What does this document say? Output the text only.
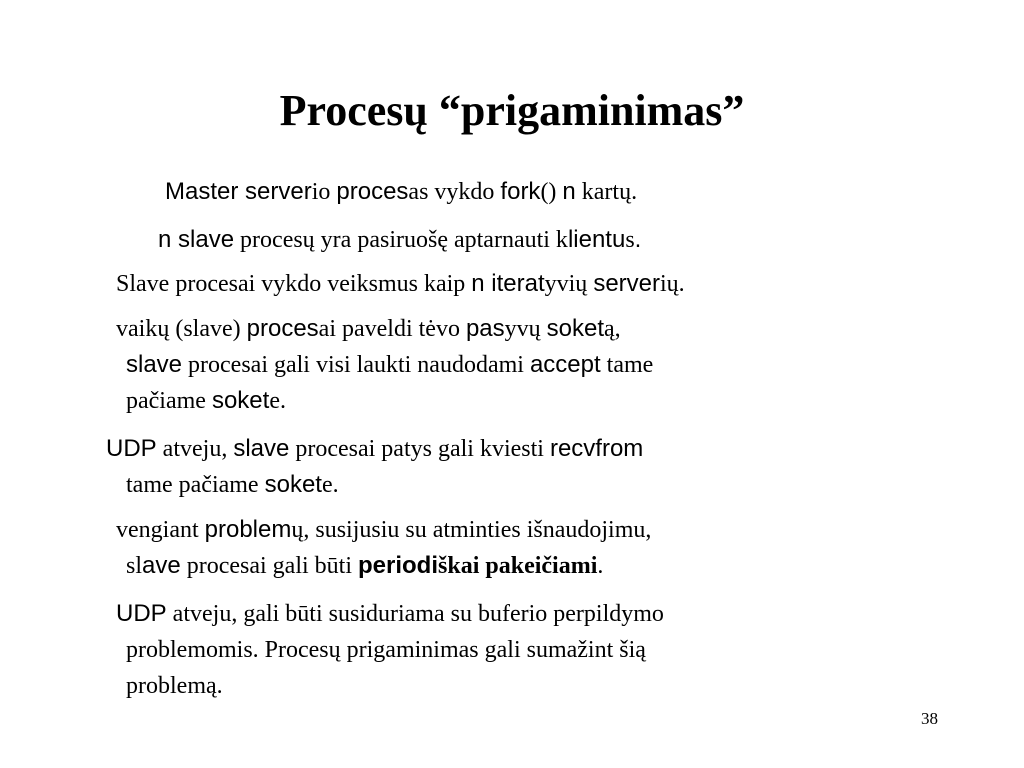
Procesų “prigaminimas”
Master serverio procesas vykdo fork() n kartų.
n slave procesų yra pasiruošę aptarnauti klientus.
Slave procesai vykdo veiksmus kaip n iteratyvių serverių.
vaikų (slave) procesai paveldi tėvo pasyvų soketą,
slave procesai gali visi laukti naudodami accept tame
pačiame sokete.
UDP atveju, slave procesai patys gali kviesti recvfrom
tame pačiame sokete.
vengiant problemų, susijusiu su atminties išnaudojimu,
slave procesai gali būti periodiškai pakeičiami.
UDP atveju, gali būti susiduriama su buferio perpildymo
problemomis. Procesų prigaminimas gali sumažint šią
problemą.
38
